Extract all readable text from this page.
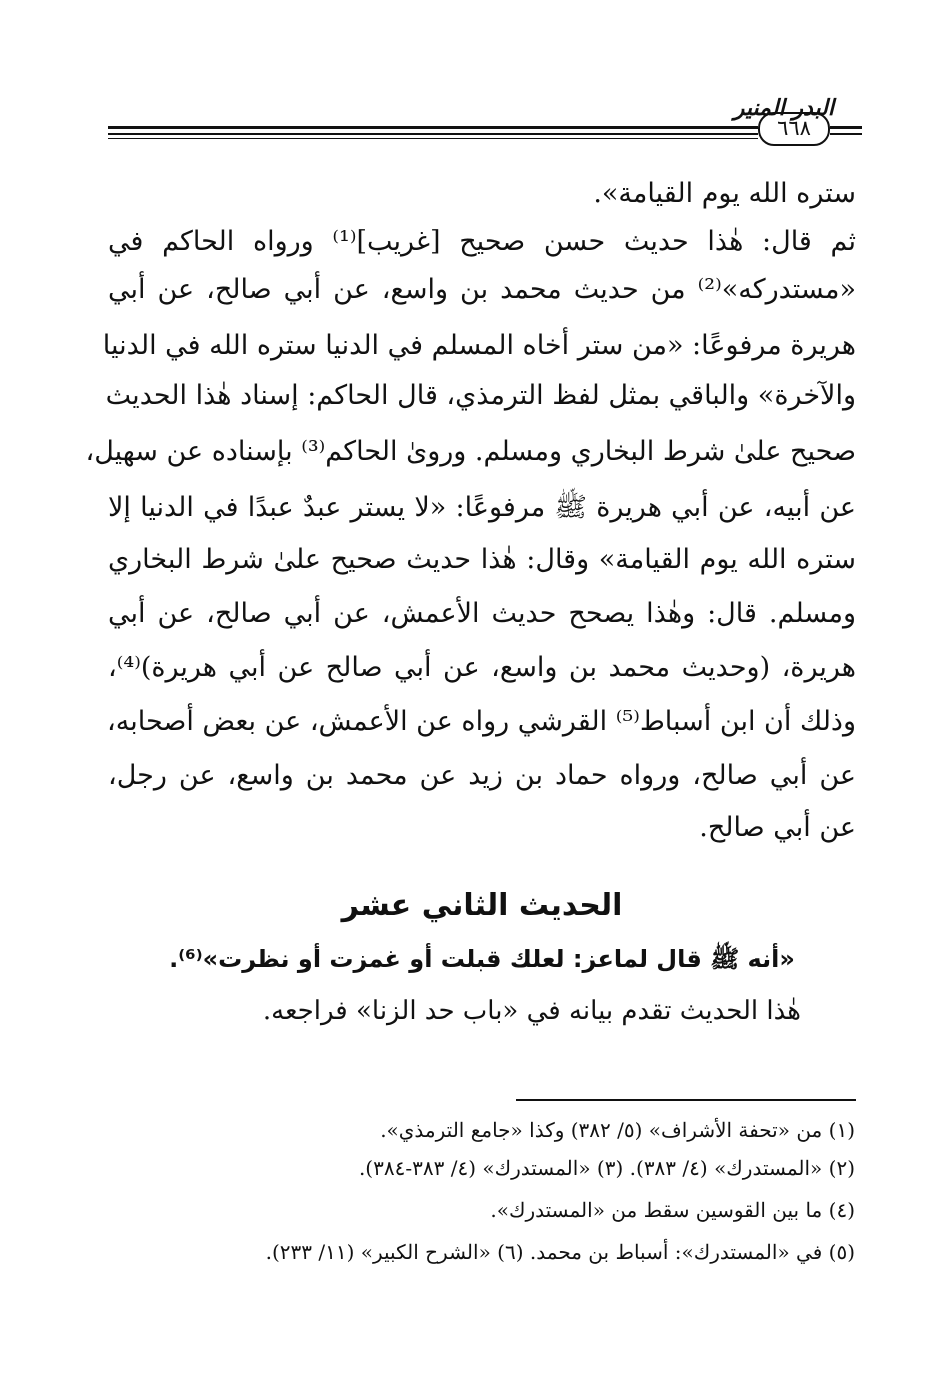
٦٦٨
البدر المنير
ستره الله يوم القيامة».
ثم قال: هٰذا حديث حسن صحيح [غريب]⁽¹⁾ ورواه الحاكم في
«مستدركه»⁽²⁾ من حديث محمد بن واسع، عن أبي صالح، عن أبي
هريرة مرفوعًا: «من ستر أخاه المسلم في الدنيا ستره الله في الدنيا
والآخرة» والباقي بمثل لفظ الترمذي، قال الحاكم: إسناد هٰذا الحديث
صحيح علىٰ شرط البخاري ومسلم. وروىٰ الحاكم⁽³⁾ بإسناده عن سهيل،
عن أبيه، عن أبي هريرة ﷺ مرفوعًا: «لا يستر عبدٌ عبدًا في الدنيا إلا
ستره الله يوم القيامة» وقال: هٰذا حديث صحيح علىٰ شرط البخاري
ومسلم. قال: وهٰذا يصحح حديث الأعمش، عن أبي صالح، عن أبي
هريرة، (وحديث محمد بن واسع، عن أبي صالح عن أبي هريرة)⁽⁴⁾،
وذلك أن ابن أسباط⁽⁵⁾ القرشي رواه عن الأعمش، عن بعض أصحابه،
عن أبي صالح، ورواه حماد بن زيد عن محمد بن واسع، عن رجل،
عن أبي صالح.
الحديث الثاني عشر
«أنه ﷺ قال لماعز: لعلك قبلت أو غمزت أو نظرت»⁽⁶⁾.
هٰذا الحديث تقدم بيانه في «باب حد الزنا» فراجعه.
(١) من «تحفة الأشراف» (٥/ ٣٨٢) وكذا «جامع الترمذي».
(٢) «المستدرك» (٤/ ٣٨٣). (٣) «المستدرك» (٤/ ٣٨٣-٣٨٤).
(٤) ما بين القوسين سقط من «المستدرك».
(٥) في «المستدرك»: أسباط بن محمد. (٦) «الشرح الكبير» (١١/ ٢٣٣).
